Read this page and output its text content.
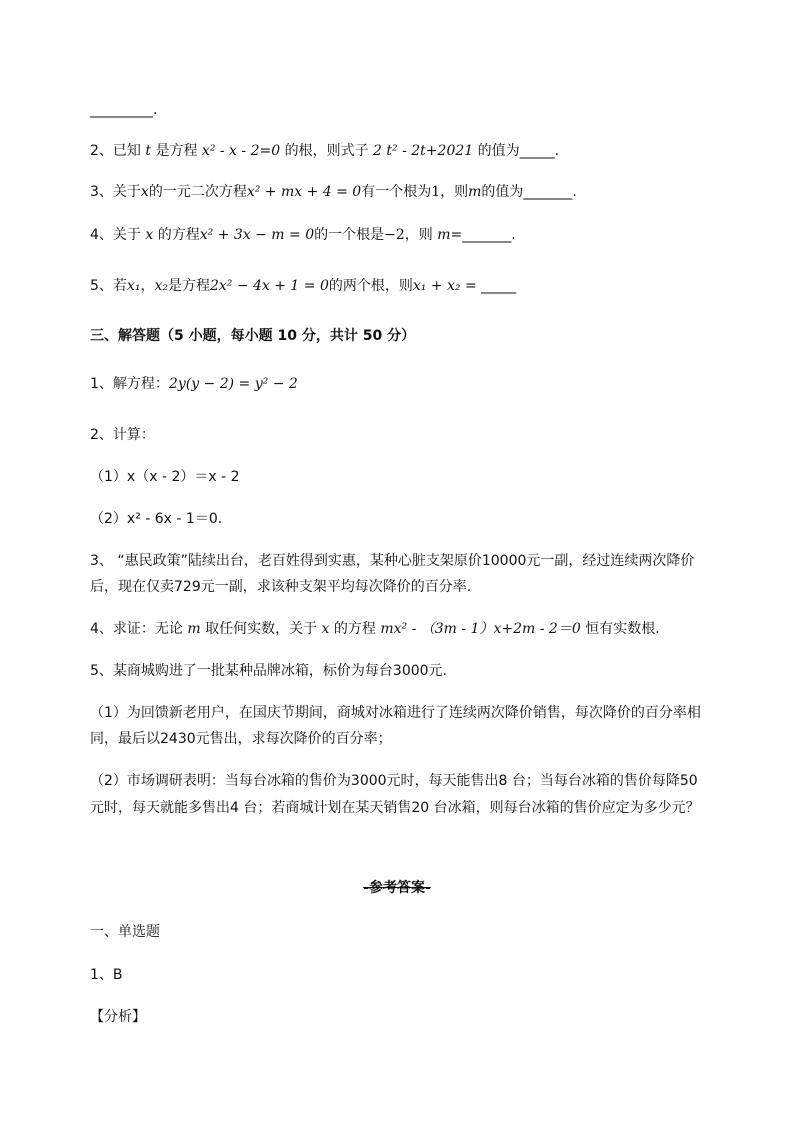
_________.
2、已知 t 是方程 x² - x - 2=0 的根，则式子 2 t² - 2t+2021 的值为_____.
3、关于x的一元二次方程x² + mx + 4 = 0有一个根为1，则m的值为_______.
4、关于 x 的方程x² + 3x − m = 0的一个根是−2，则 m=_______.
5、若x₁，x₂是方程2x² − 4x + 1 = 0的两个根，则x₁ + x₂ = _____
三、解答题（5 小题，每小题 10 分，共计 50 分）
1、解方程：2y(y − 2) = y² − 2
2、计算：
（1）x（x - 2）＝x - 2
（2）x² - 6x - 1＝0.
3、 “惠民政策”陆续出台，老百姓得到实惠，某种心脏支架原价10000元一副，经过连续两次降价
后，现在仅卖729元一副，求该种支架平均每次降价的百分率.
4、求证：无论 m 取任何实数，关于 x 的方程 mx² - （3m - 1）x+2m - 2＝0 恒有实数根.
5、某商城购进了一批某种品牌冰箱，标价为每台3000元.
（1）为回馈新老用户，在国庆节期间，商城对冰箱进行了连续两次降价销售，每次降价的百分率相
同，最后以2430元售出，求每次降价的百分率；
（2）市场调研表明：当每台冰箱的售价为3000元时，每天能售出8 台；当每台冰箱的售价每降50
元时，每天就能多售出4 台；若商城计划在某天销售20 台冰箱，则每台冰箱的售价应定为多少元？
-参考答案-
一、单选题
1、B
【分析】
